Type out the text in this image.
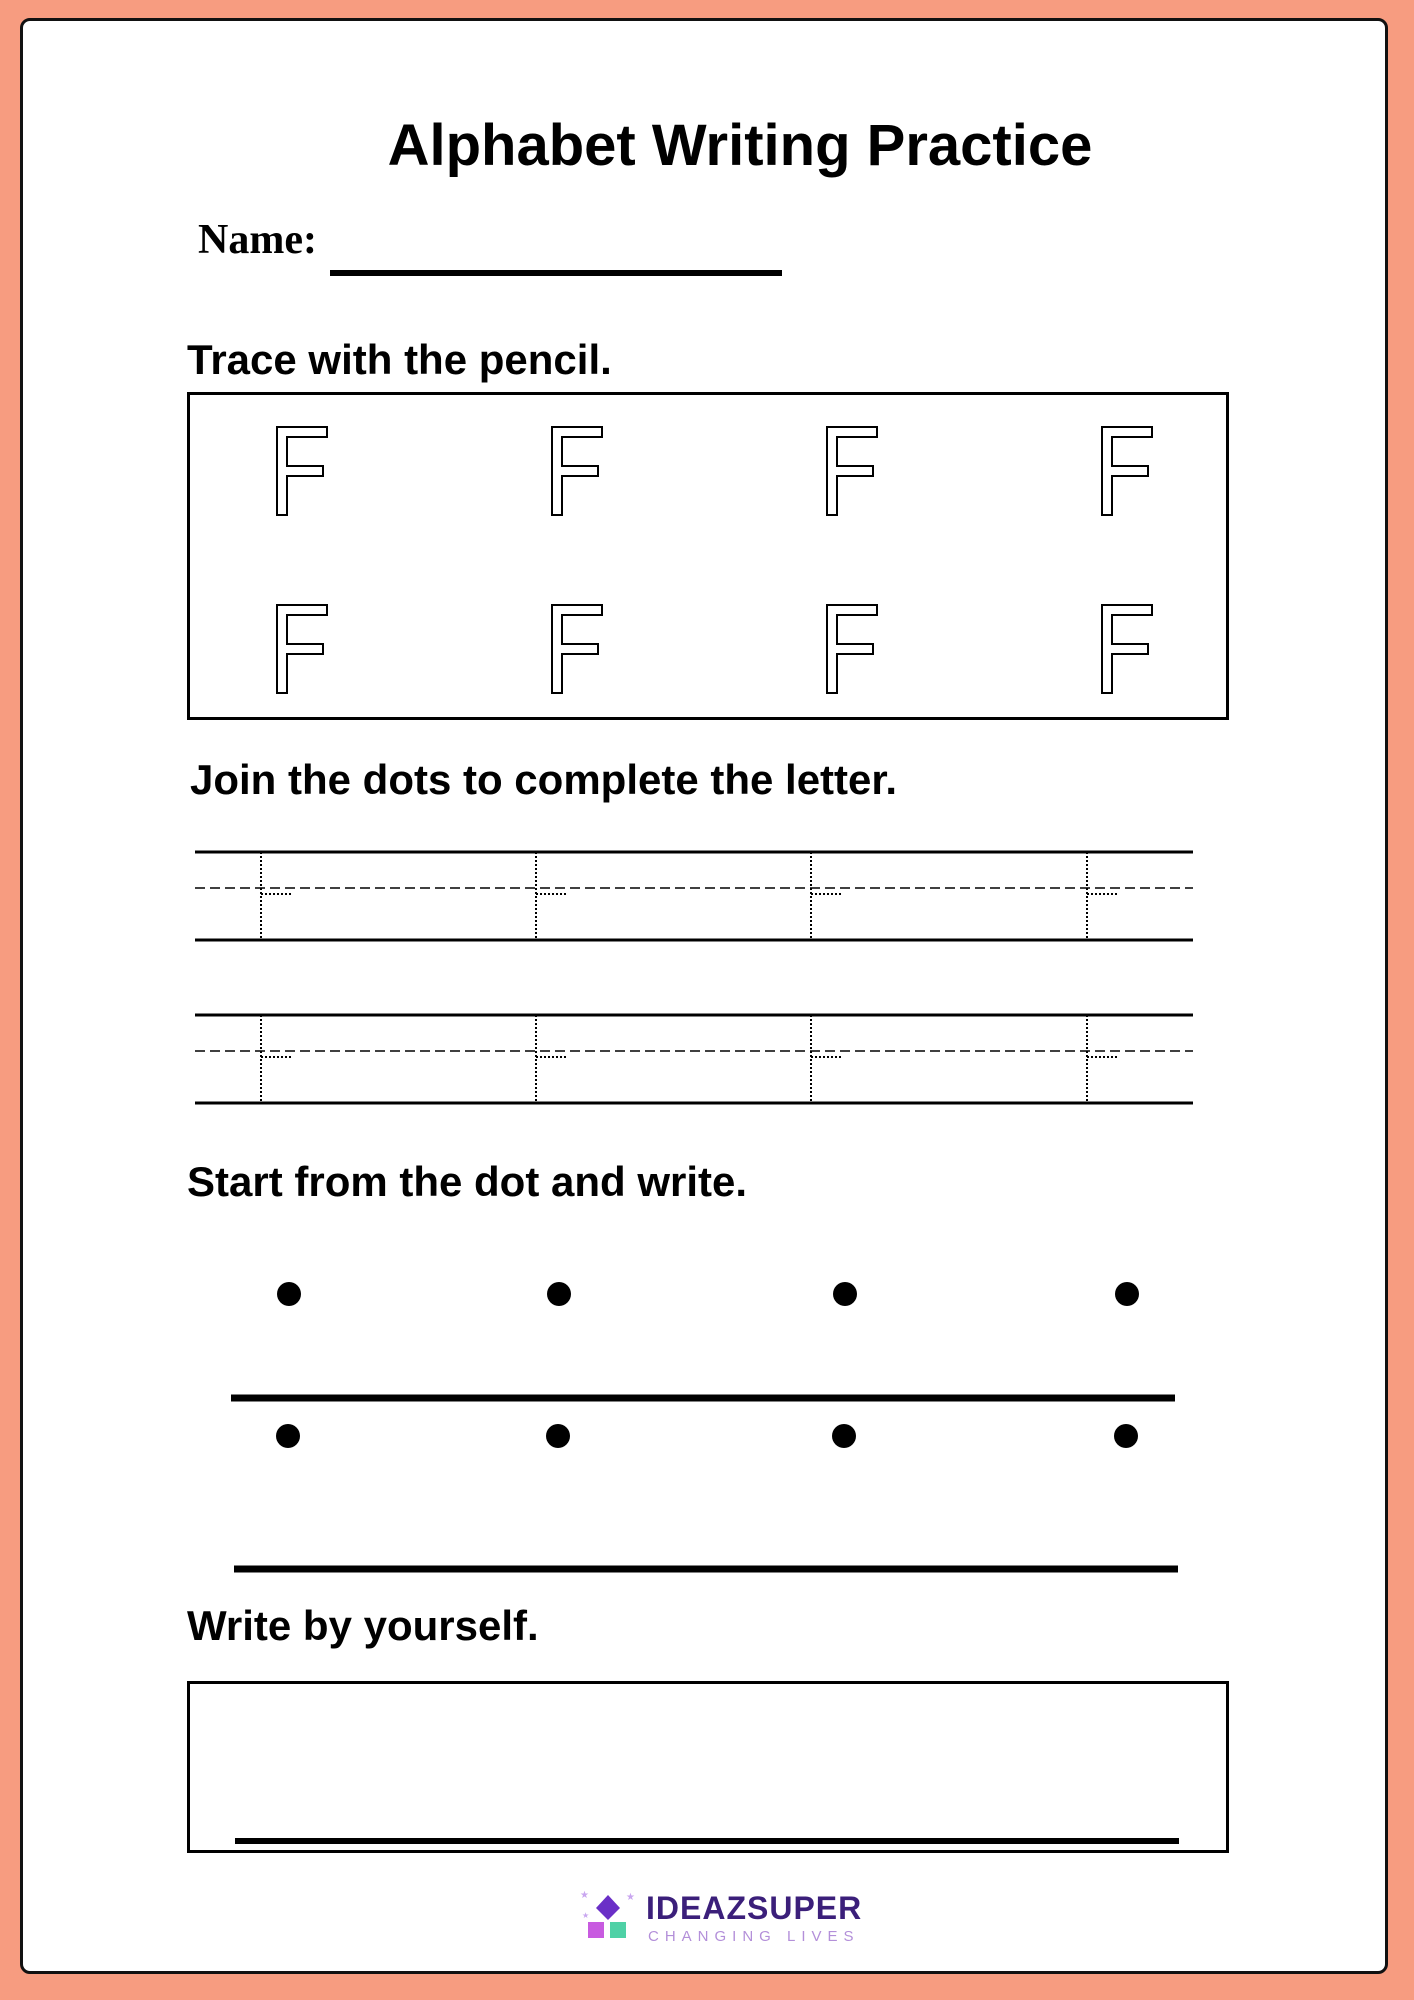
Alphabet Writing Practice
Name:
Trace with the pencil.
Join the dots to complete the letter.
Start from the dot and write.
Write by yourself.
★	★
★ IDEAZSUPER
CHANGING LIVES
